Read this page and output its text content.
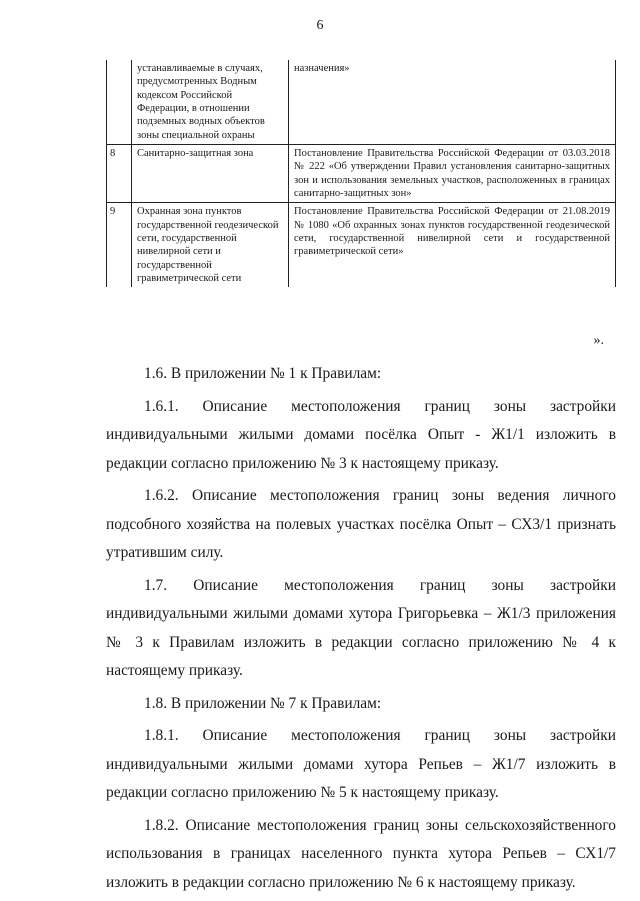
6
	устанавливаемые в случаях, предусмотренных Водным кодексом Российской Федерации, в отношении подземных водных объектов зоны специальной охраны	назначения»
8	Санитарно-защитная зона	Постановление Правительства Российской Федерации от 03.03.2018 № 222 «Об утверждении Правил установления санитарно-защитных зон и использования земельных участков, расположенных в границах санитарно-защитных зон»
9	Охранная зона пунктов государственной геодезической сети, государственной нивелирной сети и государственной гравиметрической сети	Постановление Правительства Российской Федерации от 21.08.2019 № 1080 «Об охранных зонах пунктов государственной геодезической сети, государственной нивелирной сети и государственной гравиметрической сети»
».

1.6. В приложении № 1 к Правилам:

1.6.1. Описание местоположения границ зоны застройки индивидуальными жилыми домами посёлка Опыт - Ж1/1 изложить в редакции согласно приложению № 3 к настоящему приказу.

1.6.2. Описание местоположения границ зоны ведения личного подсобного хозяйства на полевых участках посёлка Опыт – СХ3/1 признать утратившим силу.

1.7. Описание местоположения границ зоны застройки индивидуальными жилыми домами хутора Григорьевка – Ж1/3 приложения № 3 к Правилам изложить в редакции согласно приложению № 4 к настоящему приказу.

1.8. В приложении № 7 к Правилам:

1.8.1. Описание местоположения границ зоны застройки индивидуальными жилыми домами хутора Репьев – Ж1/7 изложить в редакции согласно приложению № 5 к настоящему приказу.

1.8.2. Описание местоположения границ зоны сельскохозяйственного использования в границах населенного пункта хутора Репьев – СХ1/7 изложить в редакции согласно приложению № 6 к настоящему приказу.
